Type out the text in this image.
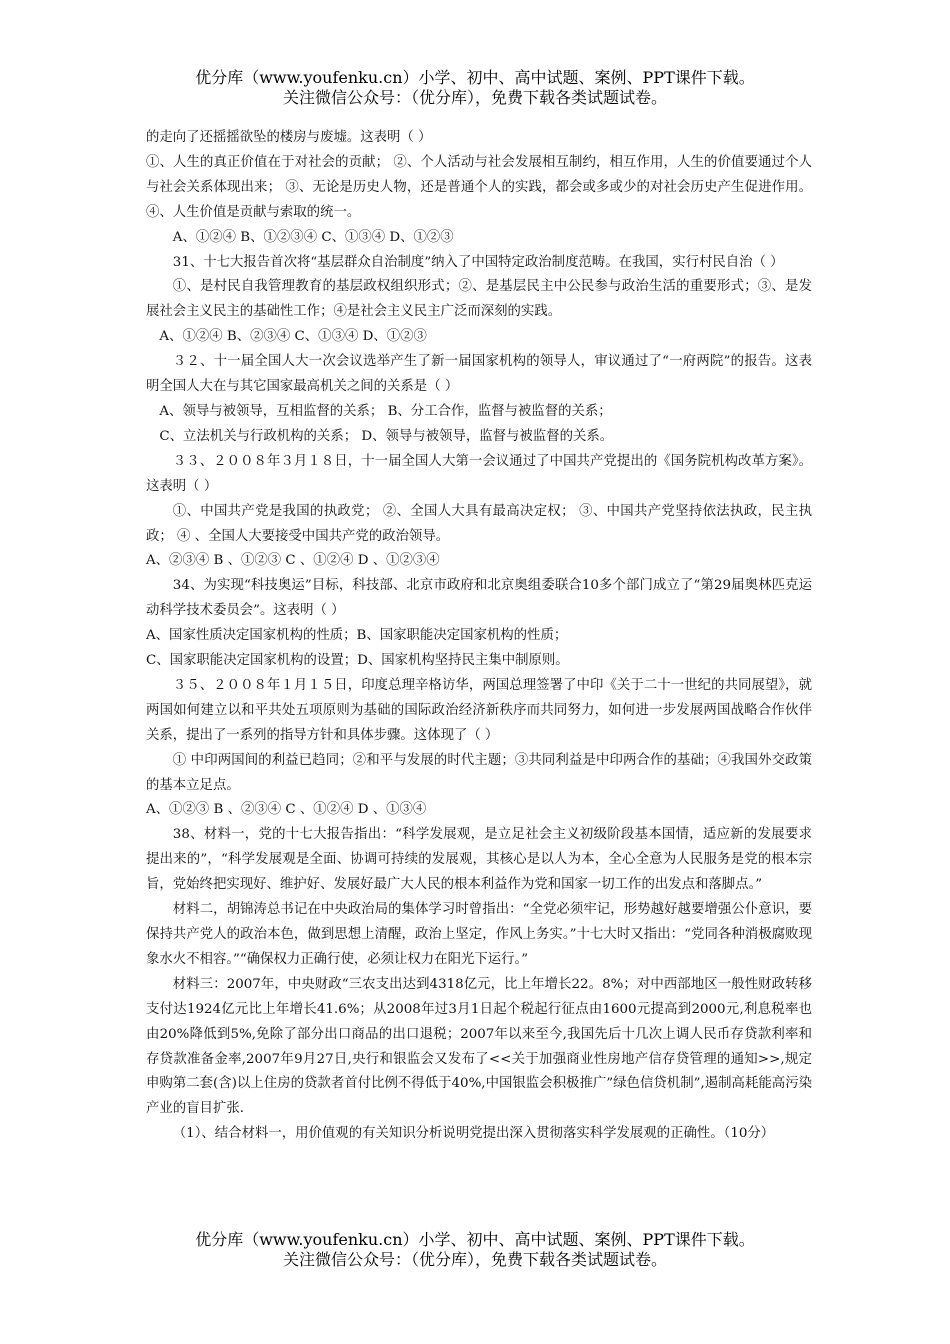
优分库（www.youfenku.cn）小学、初中、高中试题、案例、PPT课件下载。
关注微信公众号：（优分库），免费下载各类试题试卷。

的走向了还摇摇欲坠的楼房与废墟。这表明（ ）

①、人生的真正价值在于对社会的贡献； ②、个人活动与社会发展相互制约，相互作用，人生的价值要通过个人与社会关系体现出来； ③、无论是历史人物，还是普通个人的实践，都会或多或少的对社会历史产生促进作用。 ④、人生价值是贡献与索取的统一。

A、①②④ B、①②③④ C、①③④ D、①②③

31、十七大报告首次将“基层群众自治制度”纳入了中国特定政治制度范畴。在我国，实行村民自治（ ）

①、是村民自我管理教育的基层政权组织形式；②、是基层民主中公民参与政治生活的重要形式；③、是发展社会主义民主的基础性工作；④是社会主义民主广泛而深刻的实践。

A、①②④ B、②③④ C、①③④ D、①②③

３２、十一届全国人大一次会议选举产生了新一届国家机构的领导人，审议通过了“一府两院”的报告。这表明全国人大在与其它国家最高机关之间的关系是（ ）

A、领导与被领导，互相监督的关系； B、分工合作，监督与被监督的关系；

C、立法机关与行政机构的关系； D、领导与被领导，监督与被监督的关系。

３３、２００８年３月１８日，十一届全国人大第一会议通过了中国共产党提出的《国务院机构改革方案》。这表明（ ）

①、中国共产党是我国的执政党； ②、全国人大具有最高决定权； ③、中国共产党坚持依法执政，民主执政； ④ 、全国人大要接受中国共产党的政治领导。

A、②③④ B 、①②③ C 、①②④ D 、①②③④

34、为实现“科技奥运”目标，科技部、北京市政府和北京奥组委联合10多个部门成立了“第29届奥林匹克运动科学技术委员会”。这表明（ ）

A、国家性质决定国家机构的性质；B、国家职能决定国家机构的性质；

C、国家职能决定国家机构的设置；D、国家机构坚持民主集中制原则。

３５、２００８年１月１５日，印度总理辛格访华，两国总理签署了中印《关于二十一世纪的共同展望》，就两国如何建立以和平共处五项原则为基础的国际政治经济新秩序而共同努力，如何进一步发展两国战略合作伙伴关系，提出了一系列的指导方针和具体步骤。这体现了（ ）

① 中印两国间的利益已趋同；②和平与发展的时代主题；③共同利益是中印两合作的基础；④我国外交政策的基本立足点。

A、①②③ B 、②③④ C 、①②④ D 、①③④

38、材料一，党的十七大报告指出：“科学发展观，是立足社会主义初级阶段基本国情，适应新的发展要求提出来的”，“科学发展观是全面、协调可持续的发展观，其核心是以人为本，全心全意为人民服务是党的根本宗旨，党始终把实现好、维护好、发展好最广大人民的根本利益作为党和国家一切工作的出发点和落脚点。”

材料二，胡锦涛总书记在中央政治局的集体学习时曾指出：“全党必须牢记，形势越好越要增强公仆意识，要保持共产党人的政治本色，做到思想上清醒，政治上坚定，作风上务实。”十七大时又指出：“党同各种消极腐败现象水火不相容。”“确保权力正确行使，必须让权力在阳光下运行。”

材料三：2007年，中央财政“三农支出达到4318亿元，比上年增长22。8%；对中西部地区一般性财政转移支付达1924亿元比上年增长41.6%；从2008年过3月1日起个税起行征点由1600元提高到2000元,利息税率也由20%降低到5%,免除了部分出口商品的出口退税；2007年以来至今,我国先后十几次上调人民币存贷款利率和存贷款准备金率,2007年9月27日,央行和银监会又发布了<<关于加强商业性房地产信存贷管理的通知>>,规定申购第二套(含)以上住房的贷款者首付比例不得低于40%,中国银监会积极推广”绿色信贷机制”,遏制高耗能高污染产业的盲目扩张.

（1）、结合材料一，用价值观的有关知识分析说明党提出深入贯彻落实科学发展观的正确性。（10分）

优分库（www.youfenku.cn）小学、初中、高中试题、案例、PPT课件下载。
关注微信公众号：（优分库），免费下载各类试题试卷。
